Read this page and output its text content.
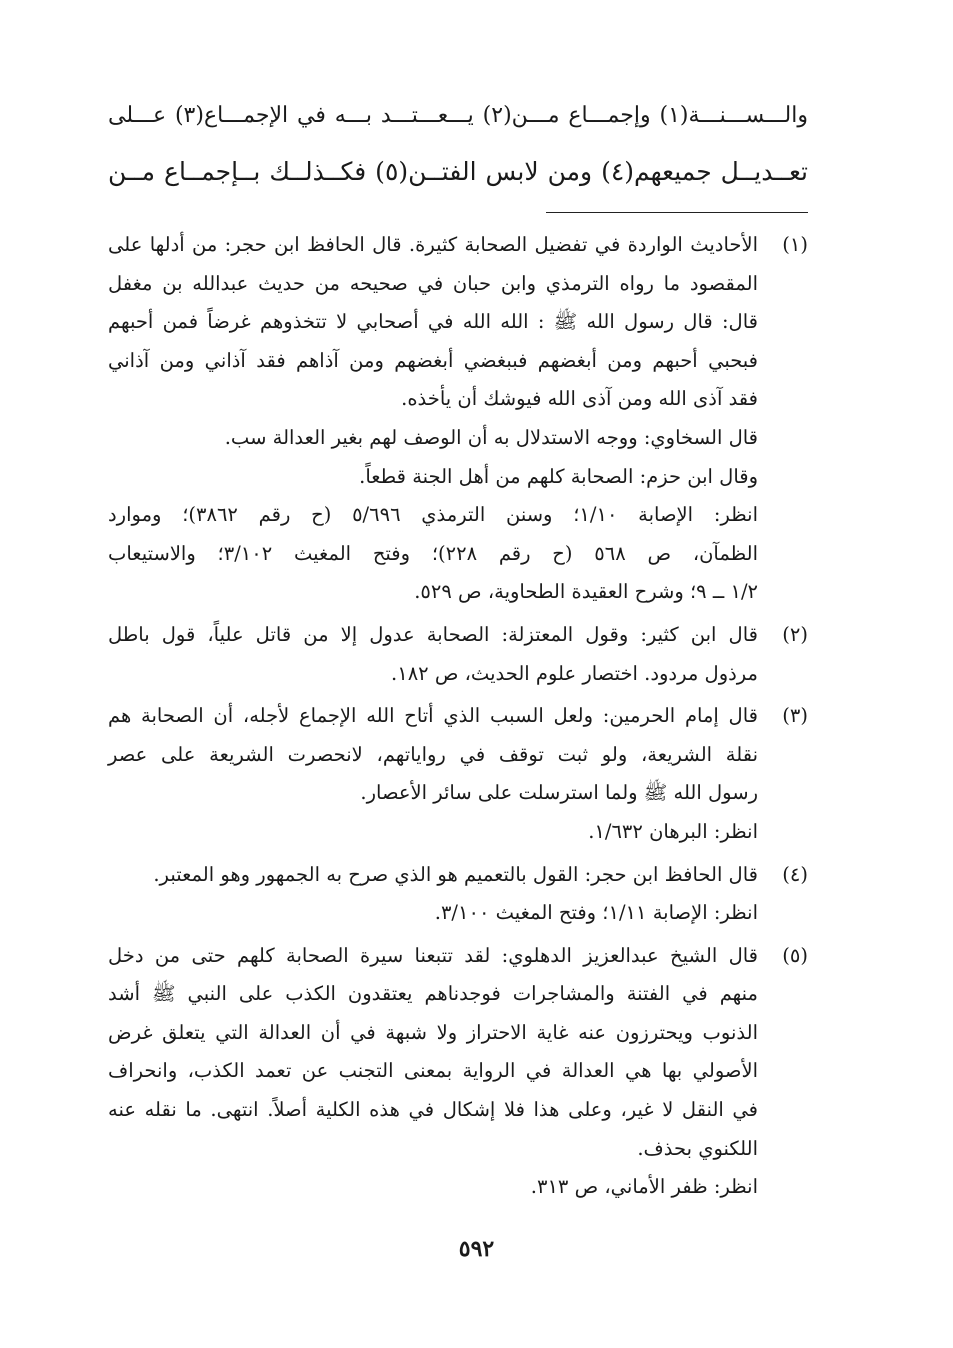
والـــســـنـــة(١) وإجمـــاع مـــن(٢) يـــعـــتـــد بـــه في الإجمـــاع(٣) عـــلى
تعــديــل جميعهم(٤) ومن لابس الفتــن(٥) فكــذلــك بــإجمــاع مــن
(١)
الأحاديث الواردة في تفضيل الصحابة كثيرة. قال الحافظ ابن حجر: من أدلها على
المقصود ما رواه الترمذي وابن حبان في صحيحه من حديث عبدالله بن مغفل
قال: قال رسول الله ﷺ : الله الله في أصحابي لا تتخذوهم غرضاً فمن أحبهم
فبحبي أحبهم ومن أبغضهم فببغضي أبغضهم ومن آذاهم فقد آذاني ومن آذاني
فقد آذى الله ومن آذى الله فيوشك أن يأخذه.
قال السخاوي: ووجه الاستدلال به أن الوصف لهم بغير العدالة سب.
وقال ابن حزم: الصحابة كلهم من أهل الجنة قطعاً.
انظر: الإصابة ١/١٠؛ وسنن الترمذي ٥/٦٩٦ (ح رقم ٣٨٦٢)؛ وموارد
الظمآن، ص ٥٦٨ (ح رقم ٢٢٨)؛ وفتح المغيث ٣/١٠٢؛ والاستيعاب
١/٢ ــ ٩؛ وشرح العقيدة الطحاوية، ص ٥٢٩.
(٢)
قال ابن كثير: وقول المعتزلة: الصحابة عدول إلا من قاتل علياً، قول باطل
مرذول مردود. اختصار علوم الحديث، ص ١٨٢.
(٣)
قال إمام الحرمين: ولعل السبب الذي أتاح الله الإجماع لأجله، أن الصحابة هم
نقلة الشريعة، ولو ثبت توقف في رواياتهم، لانحصرت الشريعة على عصر
رسول الله ﷺ ولما استرسلت على سائر الأعصار.
انظر: البرهان ١/٦٣٢.
(٤)
قال الحافظ ابن حجر: القول بالتعميم هو الذي صرح به الجمهور وهو المعتبر.
انظر: الإصابة ١/١١؛ وفتح المغيث ٣/١٠٠.
(٥)
قال الشيخ عبدالعزيز الدهلوي: لقد تتبعنا سيرة الصحابة كلهم حتى من دخل
منهم في الفتنة والمشاجرات فوجدناهم يعتقدون الكذب على النبي ﷺ أشد
الذنوب ويحترزون عنه غاية الاحتراز ولا شبهة في أن العدالة التي يتعلق غرض
الأصولي بها هي العدالة في الرواية بمعنى التجنب عن تعمد الكذب، وانحراف
في النقل لا غير، وعلى هذا فلا إشكال في هذه الكلية أصلاً. انتهى. ما نقله عنه
اللكنوي بحذف.
انظر: ظفر الأماني، ص ٣١٣.
٥٩٢
